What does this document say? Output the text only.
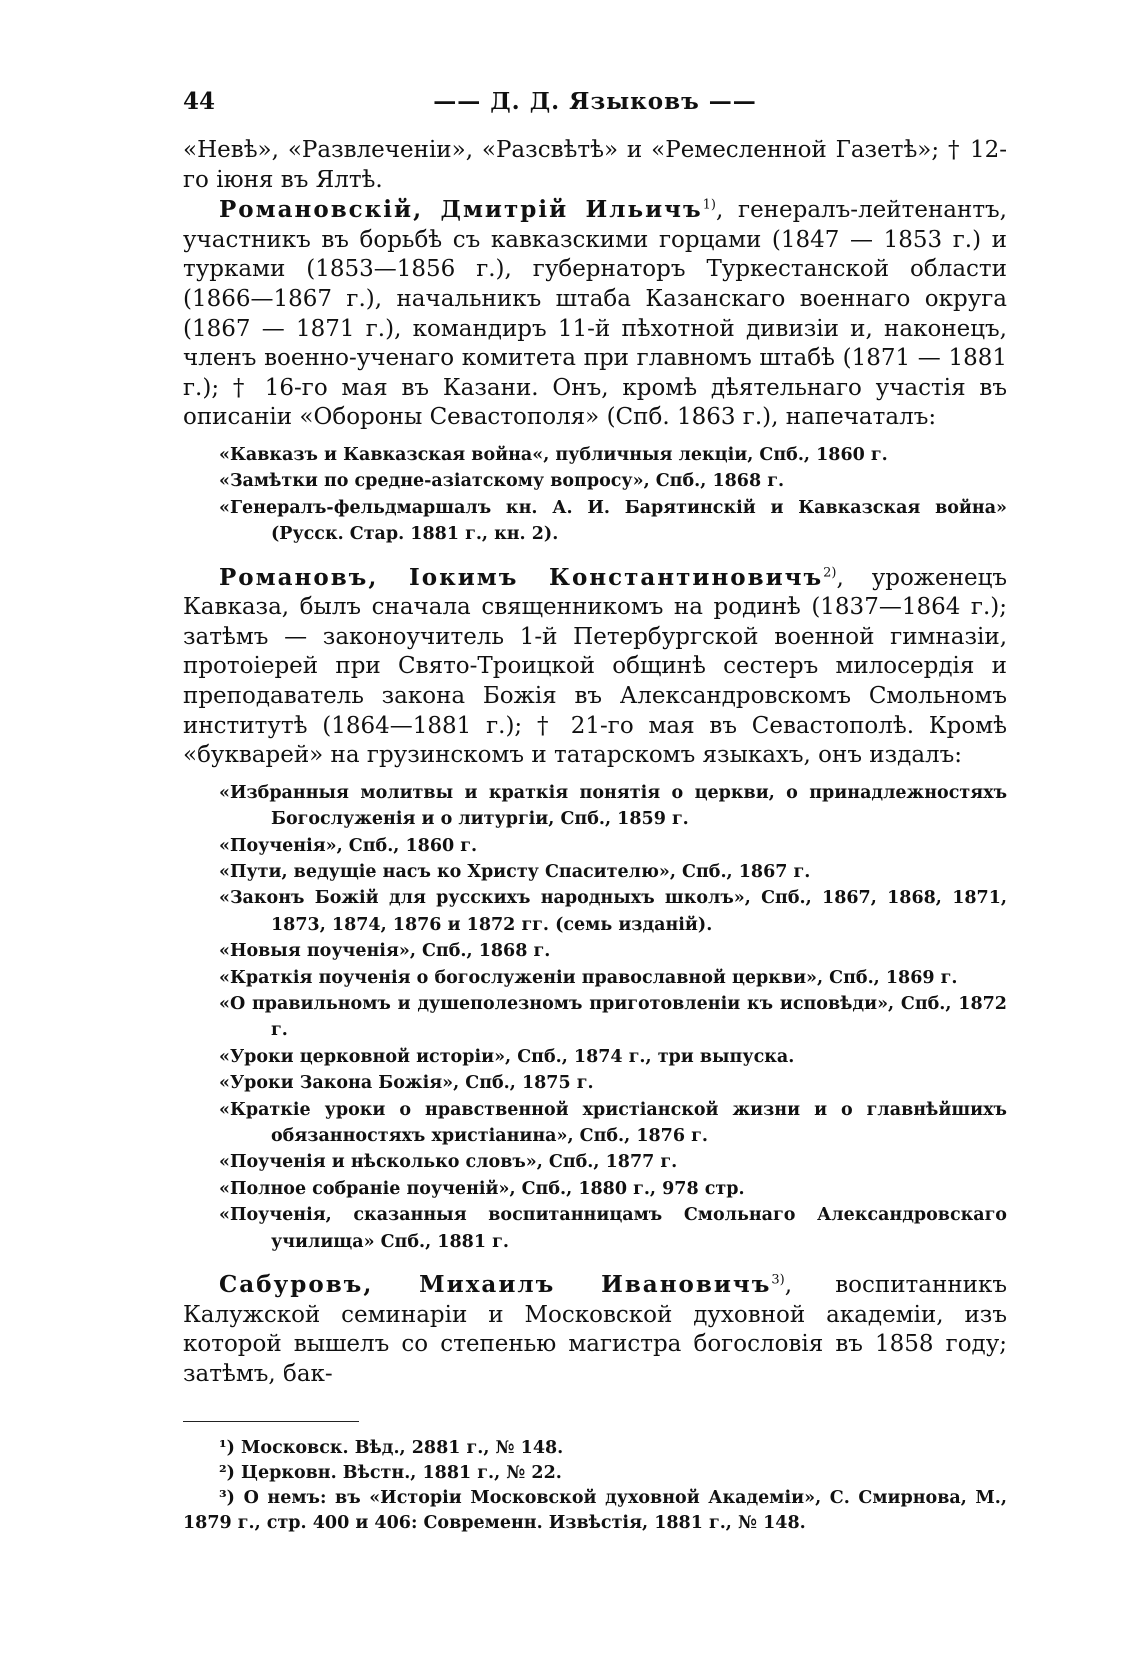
44	—— Д. Д. Языковъ ——

«Невѣ», «Развлеченіи», «Разсвѣтѣ» и «Ремесленной Газетѣ»; † 12-го іюня въ Ялтѣ.

Романовскій, Дмитрій Ильичъ$^{1)}$, генералъ-лейтенантъ, участникъ въ борьбѣ съ кавказскими горцами (1847 — 1853 г.) и турками (1853—1856 г.), губернаторъ Туркестанской области (1866—1867 г.), начальникъ штаба Казанскаго военнаго округа (1867 — 1871 г.), командиръ 11-й пѣхотной дивизіи и, наконецъ, членъ военно-ученаго комитета при главномъ штабѣ (1871 — 1881 г.); † 16-го мая въ Казани. Онъ, кромѣ дѣятельнаго участія въ описаніи «Обороны Севастополя» (Спб. 1863 г.), напечаталъ:

«Кавказъ и Кавказская война«, публичныя лекціи, Спб., 1860 г.
«Замѣтки по средне-азіатскому вопросу», Спб., 1868 г.
«Генералъ-фельдмаршалъ кн. А. И. Барятинскій и Кавказская война» (Русск. Стар. 1881 г., кн. 2).

Романовъ, Іокимъ Константиновичъ$^{2)}$, уроженецъ Кавказа, былъ сначала священникомъ на родинѣ (1837—1864 г.); затѣмъ — законоучитель 1-й Петербургской военной гимназіи, протоіерей при Свято-Троицкой общинѣ сестеръ милосердія и преподаватель закона Божія въ Александровскомъ Смольномъ институтѣ (1864—1881 г.); † 21-го мая въ Севастополѣ. Кромѣ «букварей» на грузинскомъ и татарскомъ языкахъ, онъ издалъ:

«Избранныя молитвы и краткія понятія о церкви, о принадлежностяхъ Богослуженія и о литургіи, Спб., 1859 г.
«Поученія», Спб., 1860 г.
«Пути, ведущіе насъ ко Христу Спасителю», Спб., 1867 г.
«Законъ Божій для русскихъ народныхъ школъ», Спб., 1867, 1868, 1871, 1873, 1874, 1876 и 1872 гг. (семь изданій).
«Новыя поученія», Спб., 1868 г.
«Краткія поученія о богослуженіи православной церкви», Спб., 1869 г.
«О правильномъ и душеполезномъ приготовленіи къ исповѣди», Спб., 1872 г.
«Уроки церковной исторіи», Спб., 1874 г., три выпуска.
«Уроки Закона Божія», Спб., 1875 г.
«Краткіе уроки о нравственной христіанской жизни и о главнѣйшихъ обязанностяхъ христіанина», Спб., 1876 г.
«Поученія и нѣсколько словъ», Спб., 1877 г.
«Полное собраніе поученій», Спб., 1880 г., 978 стр.
«Поученія, сказанныя воспитанницамъ Смольнаго Александровскаго училища» Спб., 1881 г.

Сабуровъ, Михаилъ Ивановичъ$^{3)}$, воспитанникъ Калужской семинаріи и Московской духовной академіи, изъ которой вышелъ со степенью магистра богословія въ 1858 году; затѣмъ, бак-

¹) Московск. Вѣд., 2881 г., № 148.
²) Церковн. Вѣстн., 1881 г., № 22.
³) О немъ: въ «Исторіи Московской духовной Академіи», С. Смирнова, М., 1879 г., стр. 400 и 406: Современн. Извѣстія, 1881 г., № 148.
